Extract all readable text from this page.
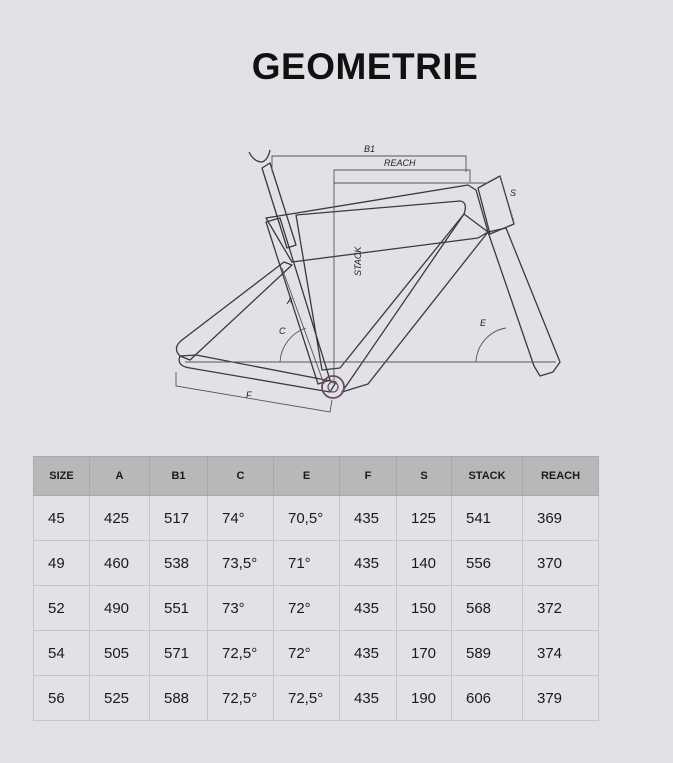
GEOMETRIE
B1
REACH
STACK
S
A
C
E
F
SIZE	A	B1	C	E	F	S	STACK	REACH
45	425	517	74°	70,5°	435	125	541	369
49	460	538	73,5°	71°	435	140	556	370
52	490	551	73°	72°	435	150	568	372
54	505	571	72,5°	72°	435	170	589	374
56	525	588	72,5°	72,5°	435	190	606	379
